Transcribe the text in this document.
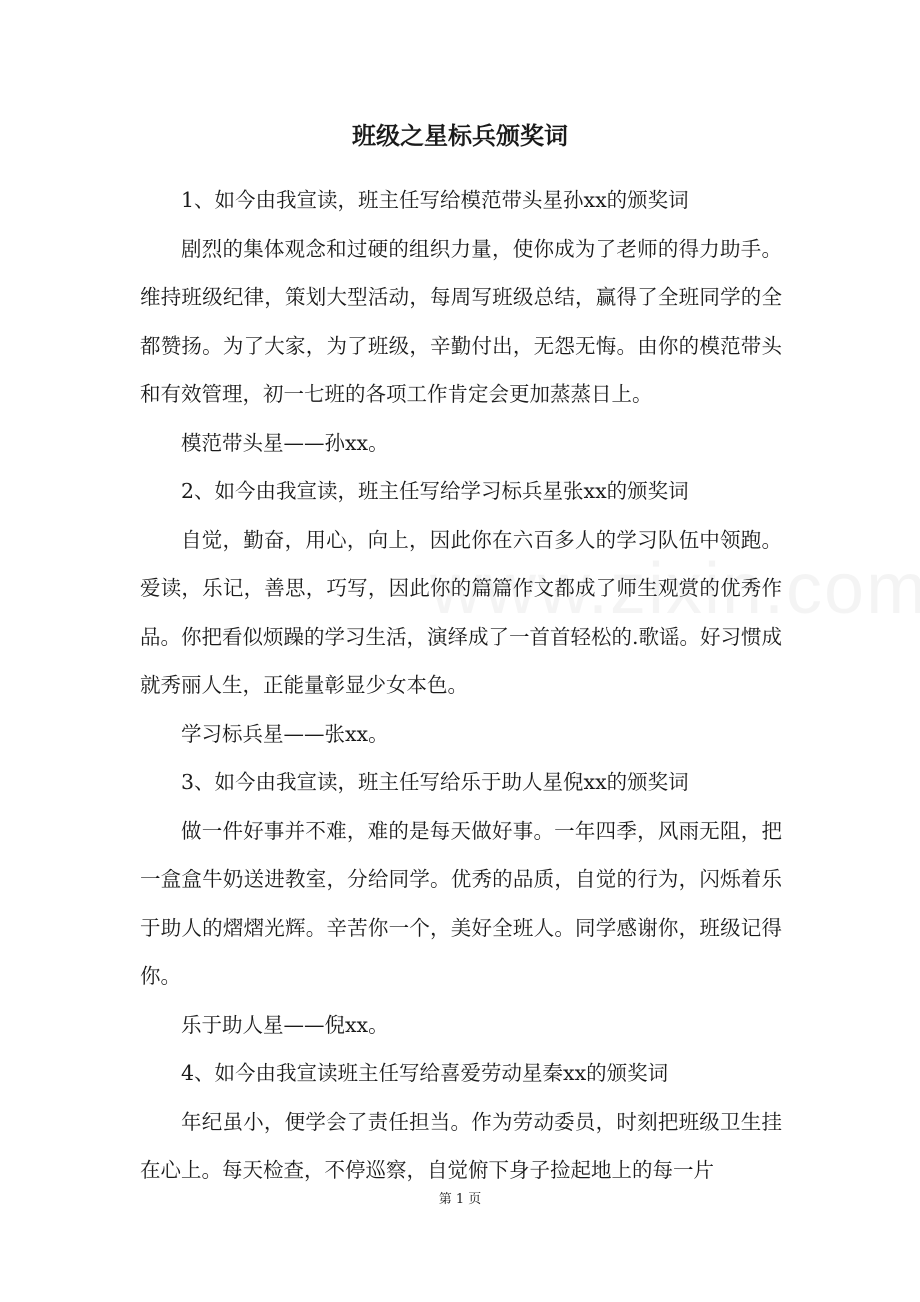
班级之星标兵颁奖词

1、如今由我宣读，班主任写给模范带头星孙xx的颁奖词

剧烈的集体观念和过硬的组织力量，使你成为了老师的得力助手。维持班级纪律，策划大型活动，每周写班级总结，赢得了全班同学的全都赞扬。为了大家，为了班级，辛勤付出，无怨无悔。由你的模范带头和有效管理，初一七班的各项工作肯定会更加蒸蒸日上。

模范带头星——孙xx。

2、如今由我宣读，班主任写给学习标兵星张xx的颁奖词

自觉，勤奋，用心，向上，因此你在六百多人的学习队伍中领跑。爱读，乐记，善思，巧写，因此你的篇篇作文都成了师生观赏的优秀作品。你把看似烦躁的学习生活，演绎成了一首首轻松的.歌谣。好习惯成就秀丽人生，正能量彰显少女本色。

学习标兵星——张xx。

3、如今由我宣读，班主任写给乐于助人星倪xx的颁奖词

做一件好事并不难，难的是每天做好事。一年四季，风雨无阻，把一盒盒牛奶送进教室，分给同学。优秀的品质，自觉的行为，闪烁着乐于助人的熠熠光辉。辛苦你一个，美好全班人。同学感谢你，班级记得你。

乐于助人星——倪xx。

4、如今由我宣读班主任写给喜爱劳动星秦xx的颁奖词

年纪虽小，便学会了责任担当。作为劳动委员，时刻把班级卫生挂在心上。每天检查，不停巡察，自觉俯下身子捡起地上的每一片

第 1 页
